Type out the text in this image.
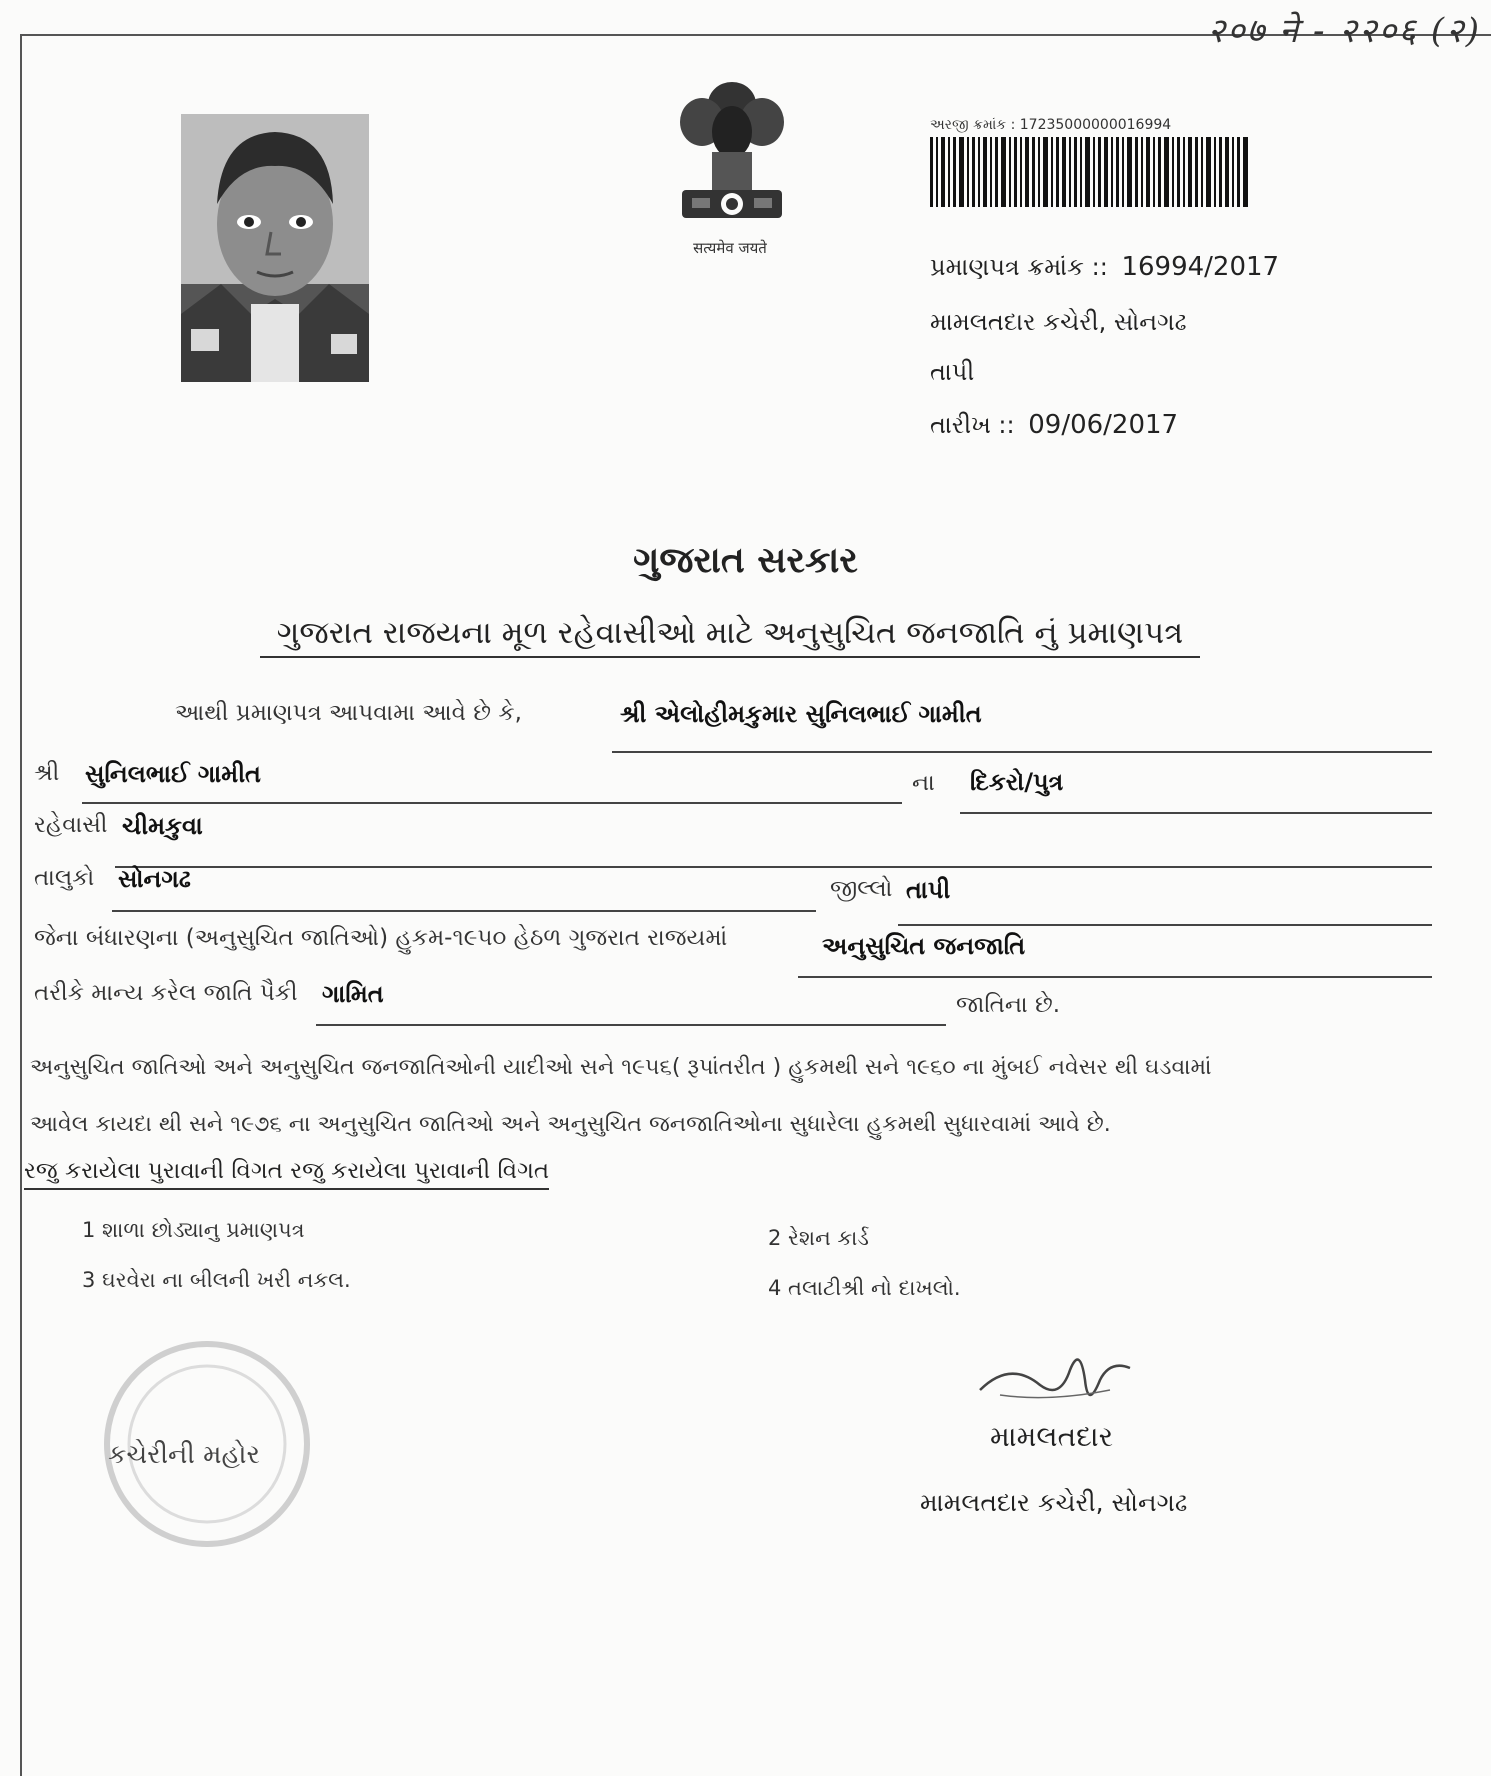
२०७ ने - २२०६ (२)
सत्यमेव जयते
અરજી ક્રમાંક : 17235000000016994
પ્રમાણપત્ર ક્રમાંક :: 16994/2017
મામલતદાર કચેરી, સોનગઢ
તાપી
તારીખ :: 09/06/2017
ગુજરાત સરકાર
ગુજરાત રાજયના મૂળ રહેવાસીઓ માટે અનુસુચિત જનજાતિ નું પ્રમાણપત્ર
આથી પ્રમાણપત્ર આપવામા આવે છે કે,	શ્રી એલોહીમકુમાર સુનિલભાઈ ગામીત
શ્રી સુનિલભાઈ ગામીત	ના દિકરો/પુત્ર
રહેવાસી ચીમકુવા
તાલુકો સોનગઢ	જીલ્લો તાપી
જેના બંધારણના (અનુસુચિત જાતિઓ) હુકમ-૧૯૫૦ હેઠળ ગુજરાત રાજયમાં	અનુસુચિત જનજાતિ
તરીકે માન્ય કરેલ જાતિ પૈકી ગામિત	જાતિના છે.
અનુસુચિત જાતિઓ અને અનુસુચિત જનજાતિઓની યાદીઓ સને ૧૯૫૬( રૂપાંતરીત ) હુકમથી સને ૧૯૬૦ ના મુંબઈ નવેસર થી ઘડવામાં
આવેલ કાયદા થી સને ૧૯૭૬ ના અનુસુચિત જાતિઓ અને અનુસુચિત જનજાતિઓના સુધારેલા હુકમથી સુધારવામાં આવે છે.
રજુ કરાયેલા પુરાવાની વિગત રજુ કરાયેલા પુરાવાની વિગત
1 શાળા છોડ્યાનુ પ્રમાણપત્ર	2 રેશન કાર્ડ
3 ઘરવેરા ના બીલની ખરી નકલ.	4 તલાટીશ્રી નો દાખલો.
કચેરીની મહોર
મામલતદાર
મામલતદાર કચેરી, સોનગઢ
